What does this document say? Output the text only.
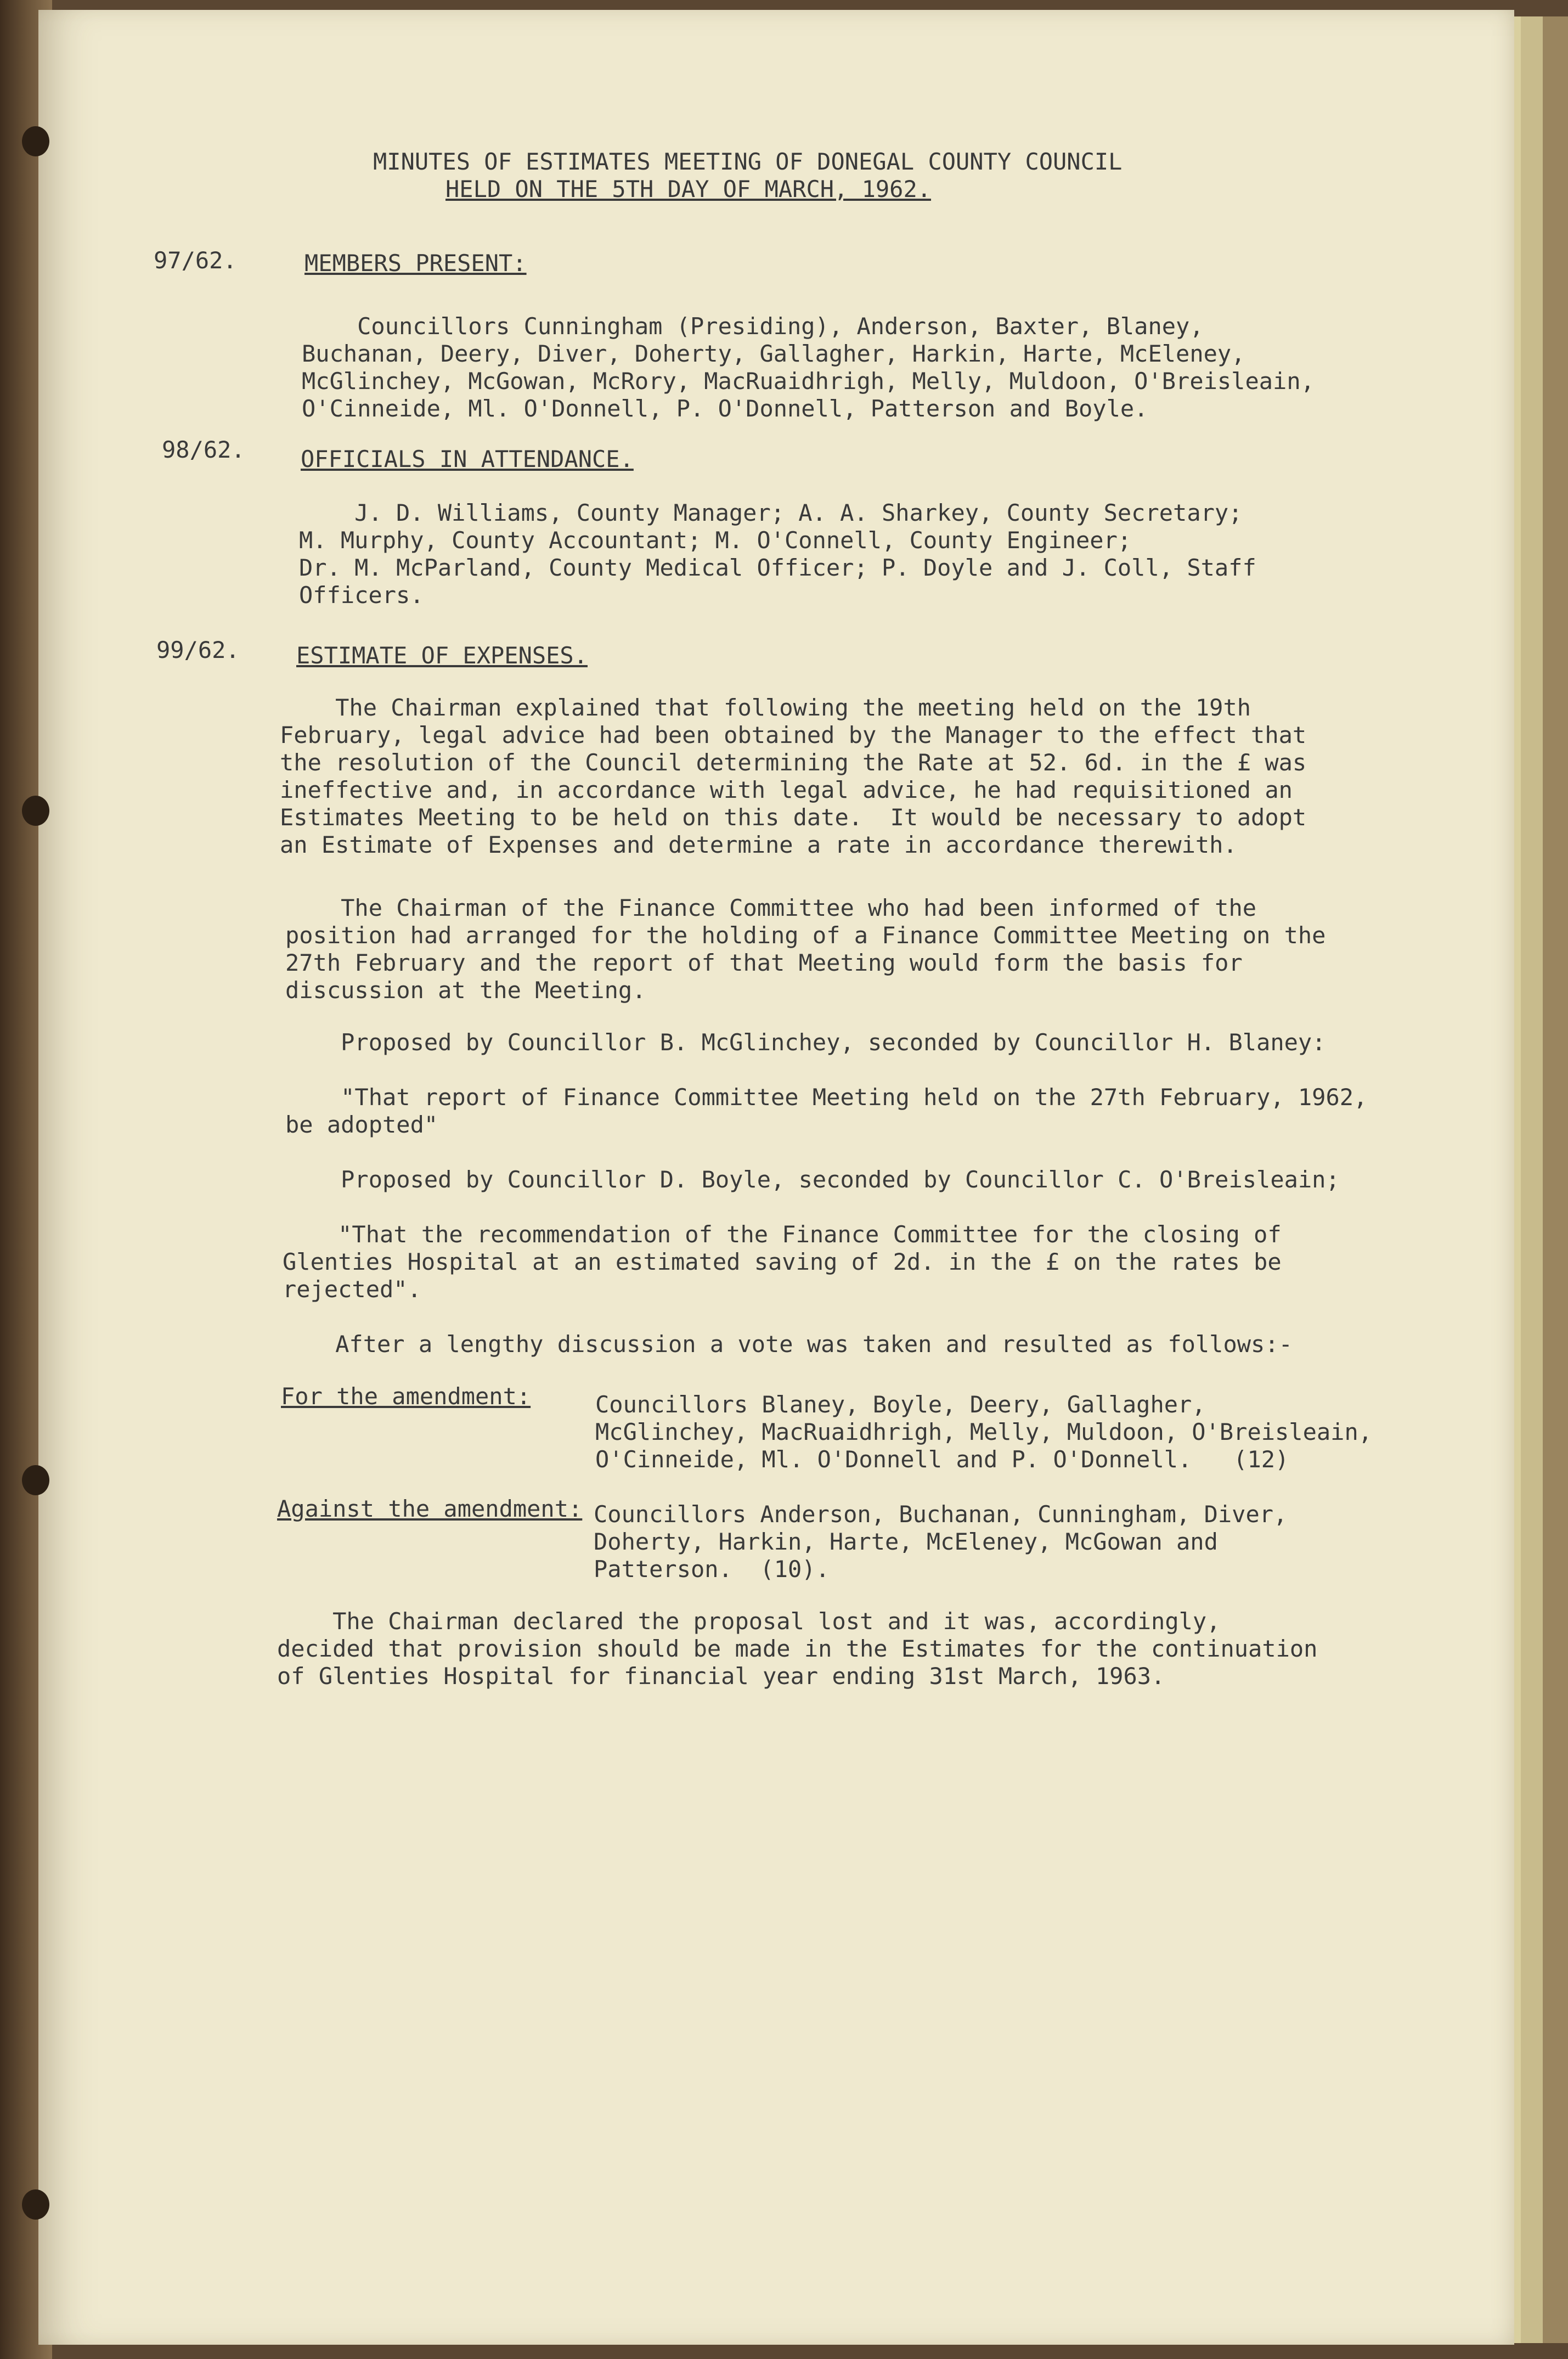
MINUTES OF ESTIMATES MEETING OF DONEGAL COUNTY COUNCIL
HELD ON THE 5TH DAY OF MARCH, 1962.
97/62.	MEMBERS PRESENT:
Councillors Cunningham (Presiding), Anderson, Baxter, Blaney,
Buchanan, Deery, Diver, Doherty, Gallagher, Harkin, Harte, McEleney,
McGlinchey, McGowan, McRory, MacRuaidhrigh, Melly, Muldoon, O'Breisleain,
O'Cinneide, Ml. O'Donnell, P. O'Donnell, Patterson and Boyle.
98/62. OFFICIALS IN ATTENDANCE.
J. D. Williams, County Manager; A. A. Sharkey, County Secretary;
M. Murphy, County Accountant; M. O'Connell, County Engineer;
Dr. M. McParland, County Medical Officer; P. Doyle and J. Coll, Staff
Officers.
99/62. ESTIMATE OF EXPENSES.
The Chairman explained that following the meeting held on the 19th
February, legal advice had been obtained by the Manager to the effect that
the resolution of the Council determining the Rate at 52. 6d. in the £ was
ineffective and, in accordance with legal advice, he had requisitioned an
Estimates Meeting to be held on this date.  It would be necessary to adopt
an Estimate of Expenses and determine a rate in accordance therewith.
The Chairman of the Finance Committee who had been informed of the
position had arranged for the holding of a Finance Committee Meeting on the
27th February and the report of that Meeting would form the basis for
discussion at the Meeting.
Proposed by Councillor B. McGlinchey, seconded by Councillor H. Blaney:
"That report of Finance Committee Meeting held on the 27th February, 1962,
be adopted"
Proposed by Councillor D. Boyle, seconded by Councillor C. O'Breisleain;
"That the recommendation of the Finance Committee for the closing of
Glenties Hospital at an estimated saving of 2d. in the £ on the rates be
rejected".
After a lengthy discussion a vote was taken and resulted as follows:-
For the amendment:	Councillors Blaney, Boyle, Deery, Gallagher,
McGlinchey, MacRuaidhrigh, Melly, Muldoon, O'Breisleain,
O'Cinneide, Ml. O'Donnell and P. O'Donnell.   (12)
Against the amendment: Councillors Anderson, Buchanan, Cunningham, Diver,
Doherty, Harkin, Harte, McEleney, McGowan and
Patterson.  (10).
The Chairman declared the proposal lost and it was, accordingly,
decided that provision should be made in the Estimates for the continuation
of Glenties Hospital for financial year ending 31st March, 1963.
